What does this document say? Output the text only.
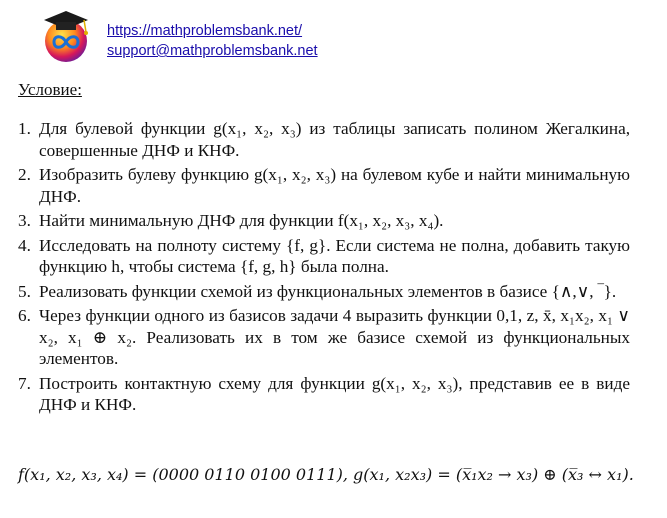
https://mathproblemsbank.net/
support@mathproblemsbank.net
Условие:
1. Для булевой функции g(x₁, x₂, x₃) из таблицы записать полином Жегалкина, совершенные ДНФ и КНФ.
2. Изобразить булеву функцию g(x₁, x₂, x₃) на булевом кубе и найти минимальную ДНФ.
3. Найти минимальную ДНФ для функции f(x₁, x₂, x₃, x₄).
4. Исследовать на полноту систему {f, g}. Если система не полна, добавить такую функцию h, чтобы система {f, g, h} была полна.
5. Реализовать функции схемой из функциональных элементов в базисе {∧,∨, ‾}.
6. Через функции одного из базисов задачи 4 выразить функции 0,1, z, x̄, x₁x₂, x₁ ∨ x₂, x₁ ⊕ x₂. Реализовать их в том же базисе схемой из функциональных элементов.
7. Построить контактную схему для функции g(x₁, x₂, x₃), представив ее в виде ДНФ и КНФ.
f(x₁, x₂, x₃, x₄) = (0000 0110 0100 0111), g(x₁, x₂x₃) = (x̅₁x₂ → x₃) ⊕ (x̅₃ ↔ x₁).
